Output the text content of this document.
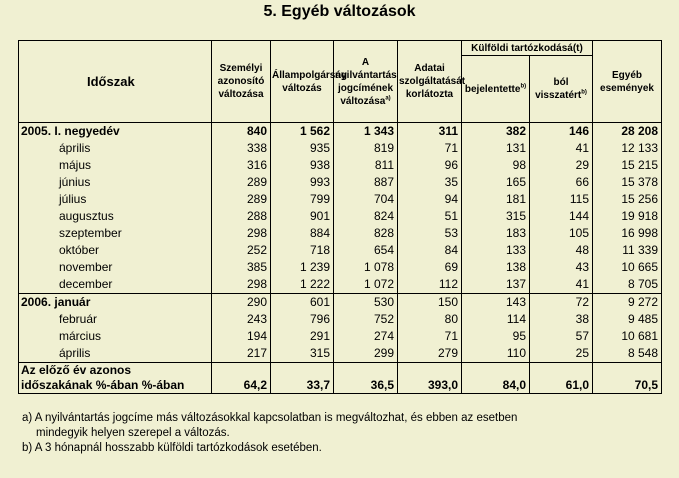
5. Egyéb változások
Időszak	Személyi azonosító változása	Állampolgárság változás	A nyilvántartás jogcímének változása$^{a)}$	Adatai szolgáltatását korlátozta	Külföldi tartózkodásá(t)		Egyéb események
					bejelentette$^{b)}$	ból visszatért$^{b)}$
2005. I. negyedév	840	1 562	1 343	311	382	146	28 208
április	338	935	819	71	131	41	12 133
május	316	938	811	96	98	29	15 215
június	289	993	887	35	165	66	15 378
július	289	799	704	94	181	115	15 256
augusztus	288	901	824	51	315	144	19 918
szeptember	298	884	828	53	183	105	16 998
október	252	718	654	84	133	48	11 339
november	385	1 239	1 078	69	138	43	10 665
december	298	1 222	1 072	112	137	41	8 705
2006. január	290	601	530	150	143	72	9 272
február	243	796	752	80	114	38	9 485
március	194	291	274	71	95	57	10 681
április	217	315	299	279	110	25	8 548

Az előző év azonos
időszakának %-ában %-ában	64,2	33,7	36,5	393,0	84,0	61,0	70,5
a) A nyilvántartás jogcíme más változásokkal kapcsolatban is megváltozhat, és ebben az esetben
mindegyik helyen szerepel a változás.
b) A 3 hónapnál hosszabb külföldi tartózkodások esetében.
